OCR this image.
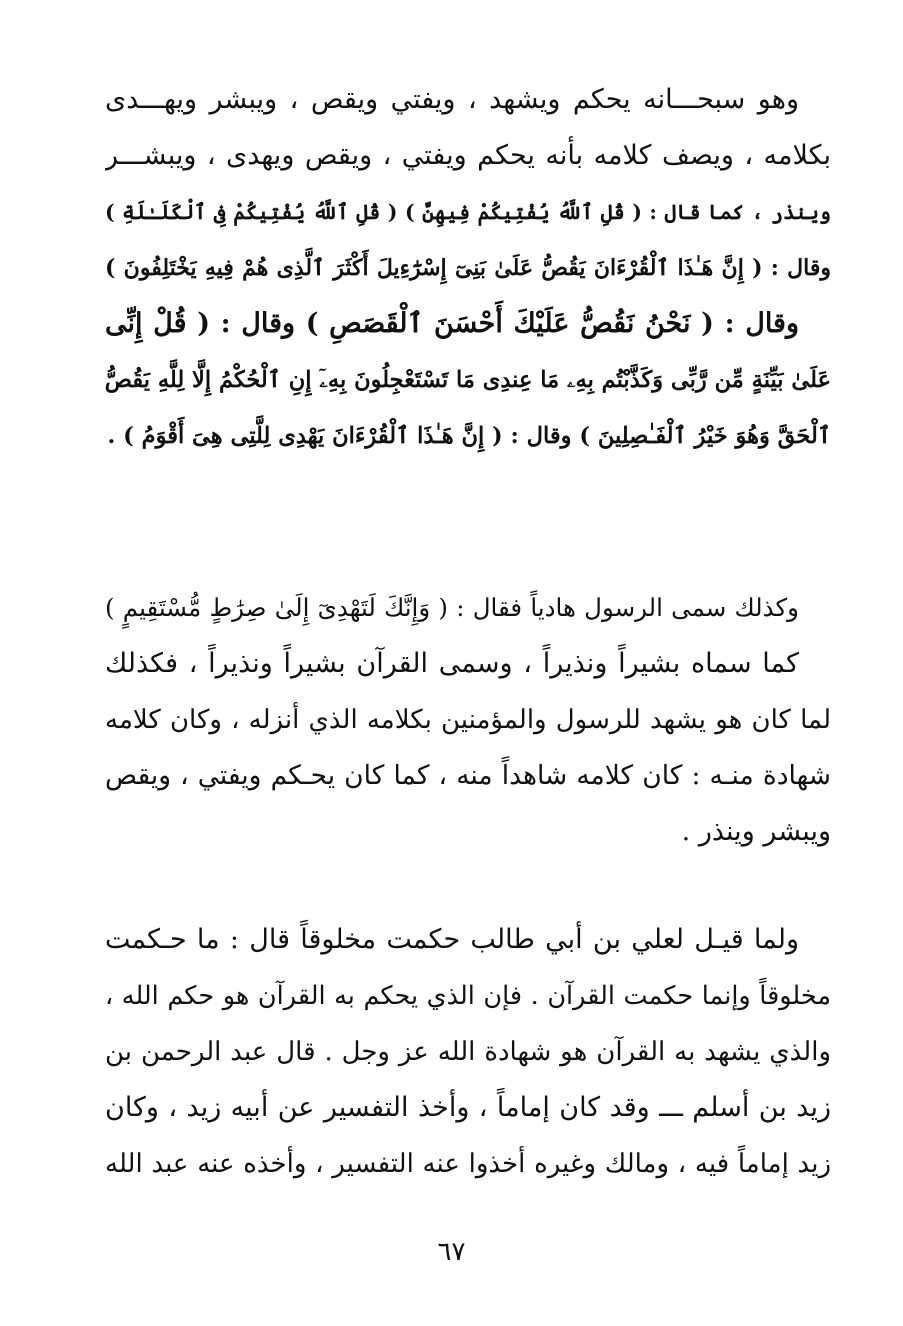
وهو سبحـــانه يحكم ويشهد ، ويفتي ويقص ، ويبشر ويهـــدى
بكلامه ، ويصف كلامه بأنه يحكم ويفتي ، ويقص ويهدى ، ويبشـــر
وينذر ، كما قال : ( قُلِ ٱللَّهُ يُفْتِيكُمْ فِيهِنَّ ) ( قُلِ ٱللَّهُ يُفْتِيكُمْ فِى ٱلْكَلَـٰلَةِ )
وقال : ( إِنَّ هَـٰذَا ٱلْقُرْءَانَ يَقُصُّ عَلَىٰ بَنِىٓ إِسْرَٰٓءِيلَ أَكْثَرَ ٱلَّذِى هُمْ فِيهِ يَخْتَلِفُونَ )
وقال : ( نَحْنُ نَقُصُّ عَلَيْكَ أَحْسَنَ ٱلْقَصَصِ ) وقال : ( قُلْ إِنِّى
عَلَىٰ بَيِّنَةٍ مِّن رَّبِّى وَكَذَّبْتُم بِهِۦ مَا عِندِى مَا تَسْتَعْجِلُونَ بِهِۦٓ إِنِ ٱلْحُكْمُ إِلَّا لِلَّهِ يَقُصُّ
ٱلْحَقَّ وَهُوَ خَيْرُ ٱلْفَـٰصِلِينَ ) وقال : ( إِنَّ هَـٰذَا ٱلْقُرْءَانَ يَهْدِى لِلَّتِى هِىَ أَقْوَمُ ) .
وكذلك سمى الرسول هادياً فقال : ( وَإِنَّكَ لَتَهْدِىٓ إِلَىٰ صِرَٰطٍ مُّسْتَقِيمٍ )
كما سماه بشيراً ونذيراً ، وسمى القرآن بشيراً ونذيراً ، فكذلك
لما كان هو يشهد للرسول والمؤمنين بكلامه الذي أنزله ، وكان كلامه
شهادة منـه : كان كلامه شاهداً منه ، كما كان يحـكم ويفتي ، ويقص
ويبشر وينذر .
ولما قيـل لعلي بن أبي طالب حكمت مخلوقاً قال : ما حـكمت
مخلوقاً وإنما حكمت القرآن . فإن الذي يحكم به القرآن هو حكم الله ،
والذي يشهد به القرآن هو شهادة الله عز وجل . قال عبد الرحمن بن
زيد بن أسلم ـــ وقد كان إماماً ، وأخذ التفسير عن أبيه زيد ، وكان
زيد إماماً فيه ، ومالك وغيره أخذوا عنه التفسير ، وأخذه عنه عبد الله
٦٧
